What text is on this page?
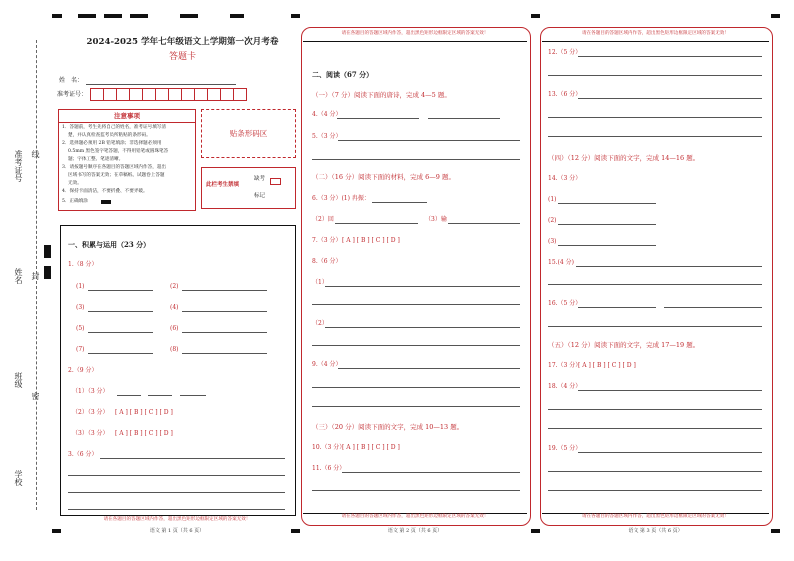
准考证号 线
姓名 封
班级
密
学校
2024-2025 学年七年级语文上学期第一次月考卷
答题卡
姓　名：
准考证号：
注意事项
1．答题前，考生先将自己的姓名，准考证号填写清
　 楚，并认真检查监考员所粘贴的条形码。
2．选择题必须用 2B 铅笔填涂；非选择题必须用
　 0.5mm 黑色签字笔答题，不得用铅笔或圆珠笔答
　 题；字体工整、笔迹清晰。
3．请按题号顺序在各题目的答题区域内作答，超出
　 区域书写的答案无效；在草稿纸、试题卷上答题
　 无效。
4．保持卡面清洁，不要折叠、不要弄破。
5．正确填涂
贴条形码区
此栏考生禁填
缺考
标记
一、积累与运用（23 分）
1.（8 分）
(1)	(2)
(3)	(4)
(5)	(6)
(7)	(8)
2.（9 分）
（1）（3 分）
（2）（3 分） [ A ] [ B ] [ C ] [ D ]
（3）（3 分） [ A ] [ B ] [ C ] [ D ]
3.（6 分）
请在各题目的答题区域内作答，超出黑色矩形边框限定区域的答案无效！
语文 第 1 页（共 6 页）
请在各题目的答题区域内作答，超出黑色矩形边框限定区域的答案无效！
二、阅读（67 分）
（一）（7 分）阅读下面的唐诗，完成 4—5 题。
4.（4 分）
5.（3 分）
（二）（16 分）阅读下面的材料，完成 6—9 题。
6.（3 分）(1) 冉振：
（2）回	（3）输
7.（3 分） [ A ] [ B ] [ C ] [ D ]
8.（6 分）
（1）
（2）
9.（4 分）
（三）（20 分）阅读下面的文字，完成 10—13 题。
10.（3 分）
[ A ] [ B ] [ C ] [ D ]
11.（6 分）
请在各题目的答题区域内作答，超出黑色矩形边框限定区域的答案无效！
语文 第 2 页（共 6 页）
请在各题目的答题区域内作答，超出黑色矩形边框限定区域的答案无效！
12.（5 分）
13.（6 分）
（四）（12 分）阅读下面的文字，完成 14—16 题。
14.（3 分）
(1)
(2)
(3)
15.(4 分)
16.（5 分）
（五）（12 分）阅读下面的文字，完成 17—19 题。
17.（3 分）
[ A ] [ B ] [ C ] [ D ]
18.（4 分）
19.（5 分）
请在各题目的答题区域内作答，超出黑色矩形边框限定区域的答案无效！
语文 第 3 页（共 6 页）
